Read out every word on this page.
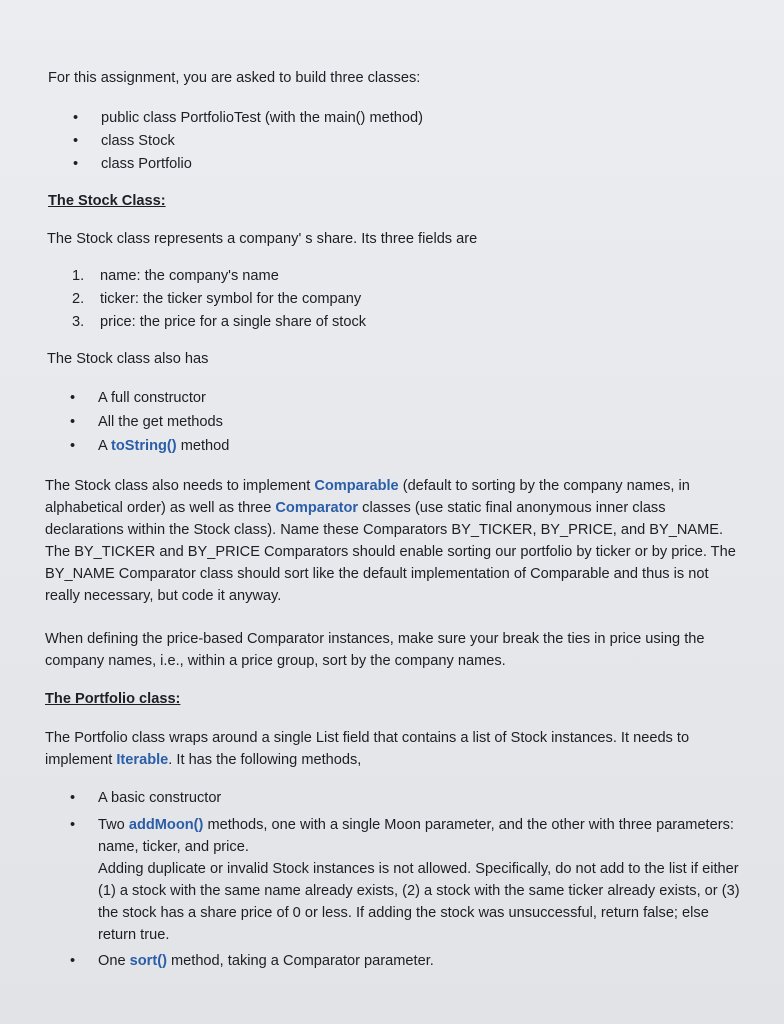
For this assignment, you are asked to build three classes:

• public class PortfolioTest (with the main() method)
• class Stock
• class Portfolio

The Stock Class:

The Stock class represents a company' s share. Its three fields are

1. name: the company's name
2. ticker: the ticker symbol for the company
3. price: the price for a single share of stock

The Stock class also has

• A full constructor
• All the get methods
• A toString() method

The Stock class also needs to implement Comparable (default to sorting by the company names, in alphabetical order) as well as three Comparator classes (use static final anonymous inner class declarations within the Stock class). Name these Comparators BY_TICKER, BY_PRICE, and BY_NAME. The BY_TICKER and BY_PRICE Comparators should enable sorting our portfolio by ticker or by price. The BY_NAME Comparator class should sort like the default implementation of Comparable and thus is not really necessary, but code it anyway.

When defining the price-based Comparator instances, make sure your break the ties in price using the company names, i.e., within a price group, sort by the company names.

The Portfolio class:

The Portfolio class wraps around a single List field that contains a list of Stock instances. It needs to implement Iterable. It has the following methods,

• A basic constructor
• Two addMoon() methods, one with a single Moon parameter, and the other with three parameters: name, ticker, and price.
Adding duplicate or invalid Stock instances is not allowed. Specifically, do not add to the list if either (1) a stock with the same name already exists, (2) a stock with the same ticker already exists, or (3) the stock has a share price of 0 or less. If adding the stock was unsuccessful, return false; else return true.
• One sort() method, taking a Comparator parameter.
